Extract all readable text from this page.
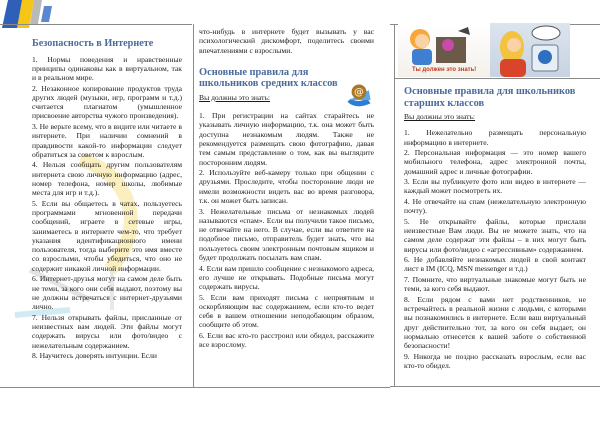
@
Безопасность в Интернете

1. Нормы поведения и нравственные принципы одинаковы как в виртуальном, так и в реальном мире.

2. Незаконное копирование продуктов труда других людей (музыки, игр, программ и т.д.) считается плагиатом (умышленное присвоение авторства чужого произведения).

3. Не верьте всему, что в видите или читаете в интернете. При наличии сомнений в правдивости какой-то информации следует обратиться за советом к взрослым.

4. Нельзя сообщать другим пользователям интернета свою личную информацию (адрес, номер телефона, номер школы, любимые места для игр и т.д.).

5. Если вы общаетесь в чатах, пользуетесь программами мгновенной передачи сообщений, играете в сетевые игры, занимаетесь в интернете чем-то, что требует указания идентификационного имени пользователя, тогда выберите это имя вместе со взрослыми, чтобы убедиться, что оно не содержит никакой личной информации.

6. Интернет-друзья могут на самом деле быть не теми, за кого они себя выдают, поэтому вы не должны встречаться с интернет-друзьями лично.

7. Нельзя открывать файлы, присланные от неизвестных вам людей. Эти файлы могут содержать вирусы или фото/видео с нежелательным содержанием.

8. Научитесь доверять интуиции. Если

что-нибудь в интернете будет вызывать у вас психологический дискомфорт, поделитесь своими впечатлениями с взрослыми.

Основные правила для школьников средних классов

Вы должны это знать:

1. При регистрации на сайтах старайтесь не указывать личную информацию, т.к. она может быть доступна незнакомым людям. Также не рекомендуется размещать свою фотографию, давая тем самым представление о том, как вы выглядите посторонним людям.

2. Используйте веб-камеру только при общении с друзьями. Проследите, чтобы посторонние люди не имели возможности видеть вас во время разговора, т.к. он может быть записан.

3. Нежелательные письма от незнакомых людей называются «спам». Если вы получили такое письмо, не отвечайте на него. В случае, если вы ответите на подобное письмо, отправитель будет знать, что вы пользуетесь своим электронным почтовым ящиком и будет продолжать посылать вам спам.

4. Если вам пришло сообщение с незнакомого адреса, его лучше не открывать. Подобные письма могут содержать вирусы.

5. Если вам приходят письма с неприятным и оскорбляющим вас содержанием, если кто-то ведет себя в вашем отношении неподобающим образом, сообщите об этом.

6. Если вас кто-то расстроил или обидел, расскажите все взрослому.

Ты должен это знать!
Основные правила для школьников старших классов

Вы должны это знать:

1. Нежелательно размещать персональную информацию в интернете.

2. Персональная информация — это номер вашего мобильного телефона, адрес электронной почты, домашний адрес и личные фотографии.

3. Если вы публикуете фото или видео в интернете — каждый может посмотреть их.

4. Не отвечайте на спам (нежелательную электронную почту).

5. Не открывайте файлы, которые прислали неизвестные Вам люди. Вы не можете знать, что на самом деле содержат эти файлы – в них могут быть вирусы или фото/видео с «агрессивным» содержанием.

6. Не добавляйте незнакомых людей в свой контакт лист в IM (ICQ, MSN messenger и т.д.)

7. Помните, что виртуальные знакомые могут быть не теми, за кого себя выдают.

8. Если рядом с вами нет родственников, не встречайтесь в реальной жизни с людьми, с которыми вы познакомились в интернете. Если ваш виртуальный друг действительно тот, за кого он себя выдает, он нормально отнесется к вашей заботе о собственной безопасности!

9. Никогда не поздно рассказать взрослым, если вас кто-то обидел.
